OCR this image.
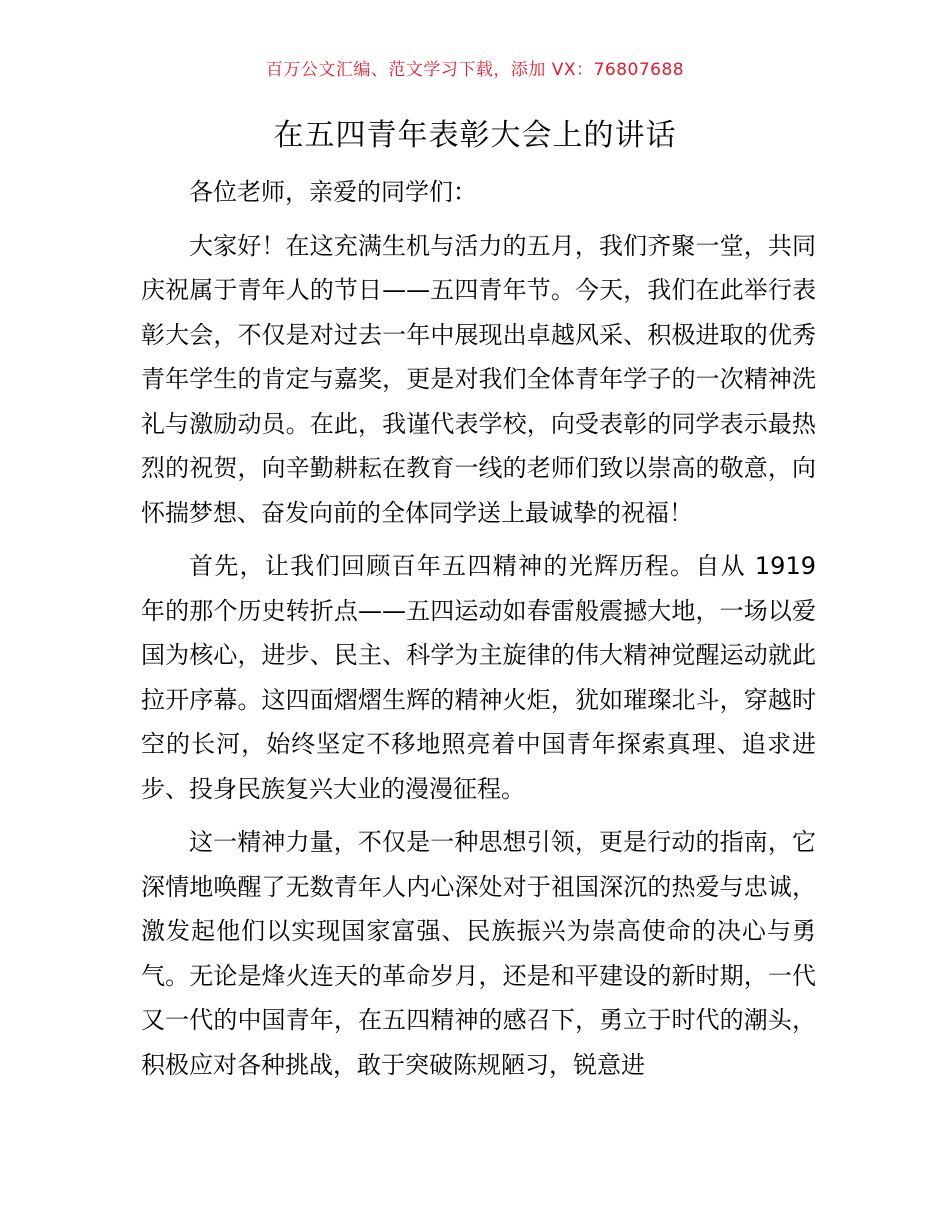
百万公文汇编、范文学习下载，添加 VX：76807688
在五四青年表彰大会上的讲话

各位老师，亲爱的同学们：

大家好！在这充满生机与活力的五月，我们齐聚一堂，共同庆祝属于青年人的节日——五四青年节。今天，我们在此举行表彰大会，不仅是对过去一年中展现出卓越风采、积极进取的优秀青年学生的肯定与嘉奖，更是对我们全体青年学子的一次精神洗礼与激励动员。在此，我谨代表学校，向受表彰的同学表示最热烈的祝贺，向辛勤耕耘在教育一线的老师们致以崇高的敬意，向怀揣梦想、奋发向前的全体同学送上最诚挚的祝福！

首先，让我们回顾百年五四精神的光辉历程。自从 1919 年的那个历史转折点——五四运动如春雷般震撼大地，一场以爱国为核心，进步、民主、科学为主旋律的伟大精神觉醒运动就此拉开序幕。这四面熠熠生辉的精神火炬，犹如璀璨北斗，穿越时空的长河，始终坚定不移地照亮着中国青年探索真理、追求进步、投身民族复兴大业的漫漫征程。

这一精神力量，不仅是一种思想引领，更是行动的指南，它深情地唤醒了无数青年人内心深处对于祖国深沉的热爱与忠诚，激发起他们以实现国家富强、民族振兴为崇高使命的决心与勇气。无论是烽火连天的革命岁月，还是和平建设的新时期，一代又一代的中国青年，在五四精神的感召下，勇立于时代的潮头，积极应对各种挑战，敢于突破陈规陋习，锐意进
